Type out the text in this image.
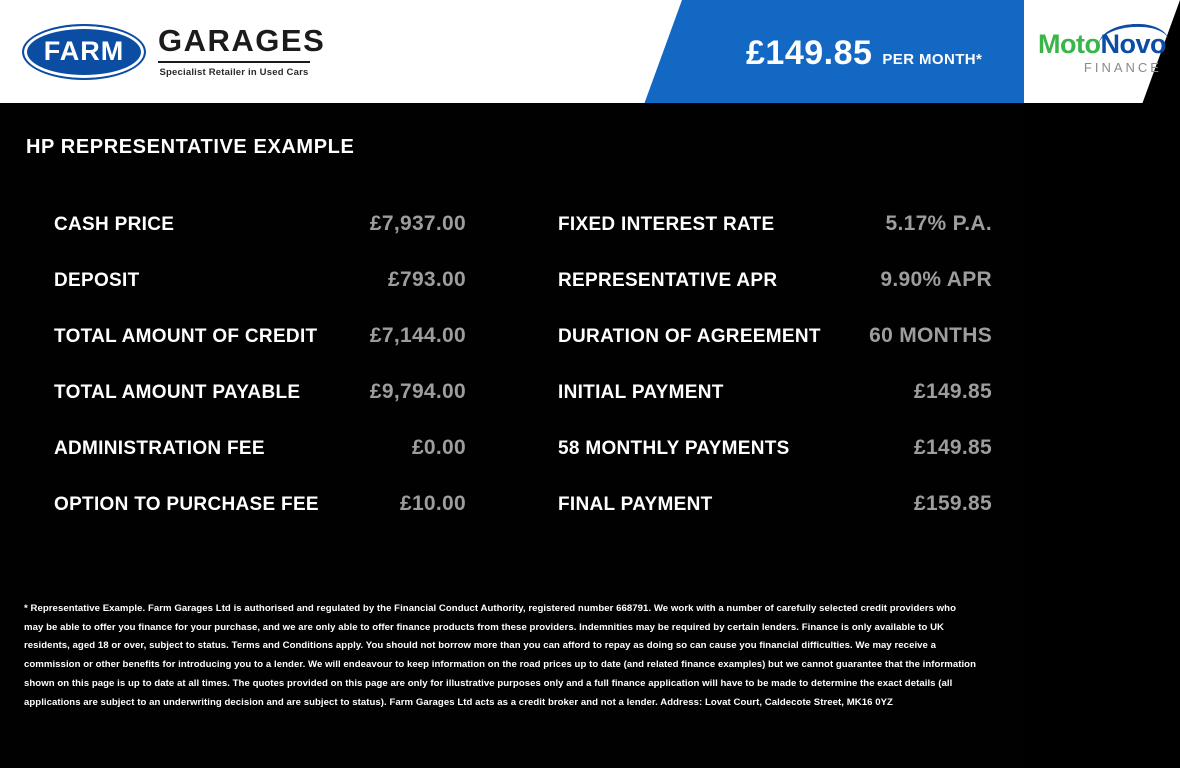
FARM GARAGES
Specialist Retailer in Used Cars
MotoNovo
FINANCE
£149.85 PER MONTH*
HP REPRESENTATIVE EXAMPLE
CASH PRICE	£7,937.00
DEPOSIT	£793.00
TOTAL AMOUNT OF CREDIT £7,144.00
TOTAL AMOUNT PAYABLE	£9,794.00
ADMINISTRATION FEE	£0.00
OPTION TO PURCHASE FEE	£10.00
FIXED INTEREST RATE	5.17% P.A.
REPRESENTATIVE APR	9.90% APR
DURATION OF AGREEMENT 60 MONTHS
INITIAL PAYMENT	£149.85
58 MONTHLY PAYMENTS	£149.85
FINAL PAYMENT	£159.85
* Representative Example. Farm Garages Ltd is authorised and regulated by the Financial Conduct Authority, registered number 668791. We work with a number of carefully selected credit providers who may be able to offer you finance for your purchase, and we are only able to offer finance products from these providers. Indemnities may be required by certain lenders. Finance is only available to UK residents, aged 18 or over, subject to status. Terms and Conditions apply. You should not borrow more than you can afford to repay as doing so can cause you financial difficulties. We may receive a commission or other benefits for introducing you to a lender. We will endeavour to keep information on the road prices up to date (and related finance examples) but we cannot guarantee that the information shown on this page is up to date at all times. The quotes provided on this page are only for illustrative purposes only and a full finance application will have to be made to determine the exact details (all applications are subject to an underwriting decision and are subject to status). Farm Garages Ltd acts as a credit broker and not a lender. Address: Lovat Court, Caldecote Street, MK16 0YZ
